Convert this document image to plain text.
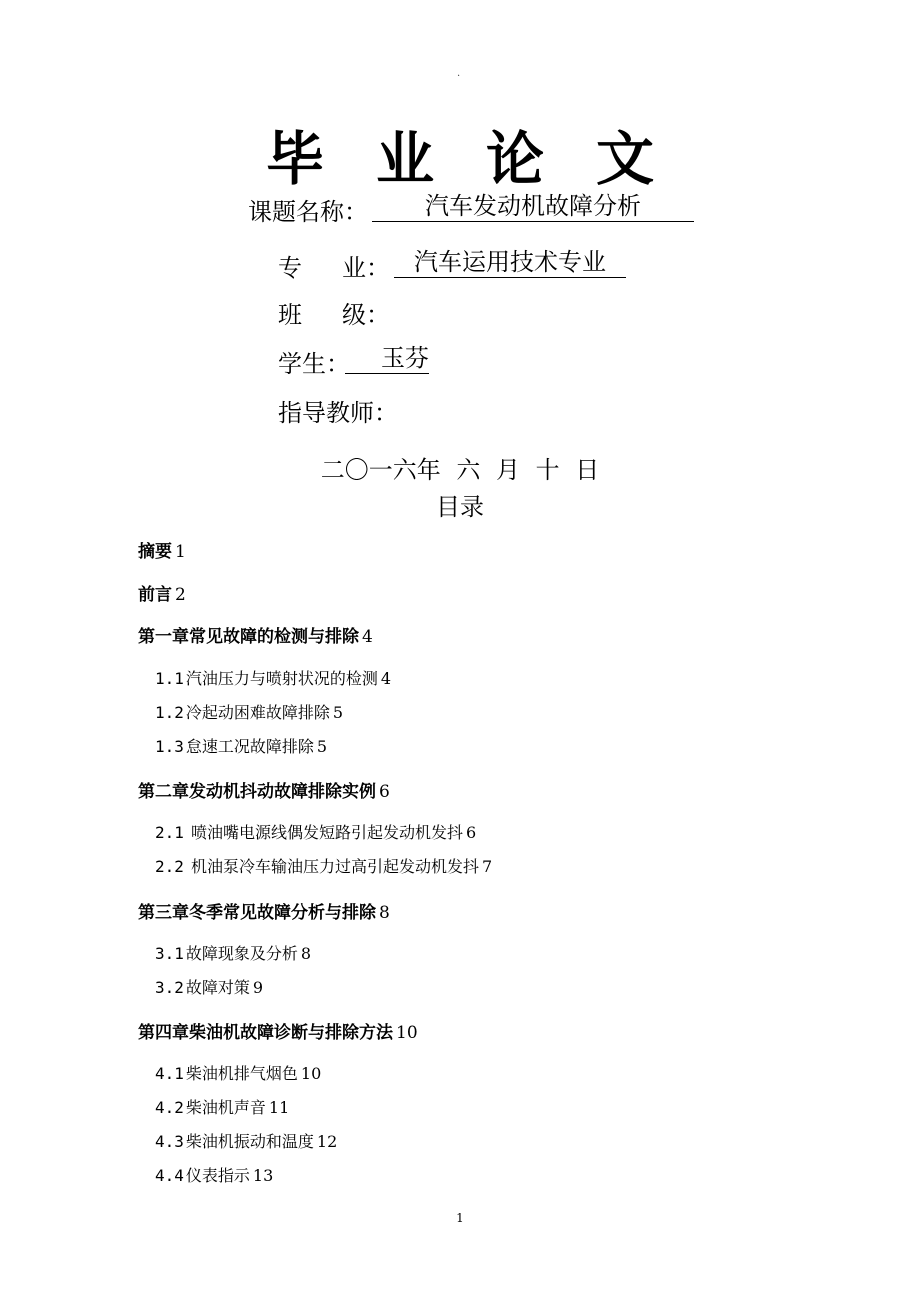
.
毕 业 论 文
课题名称：	汽车发动机故障分析
专 业：	汽车运用技术专业
班 级：
学生：	玉芬
指导教师：
二〇一六年 六 月 十 日
目录
摘要 1
前言 2
第一章常见故障的检测与排除 4
1.1 汽油压力与喷射状况的检测 4
1.2 冷起动困难故障排除 5
1.3 怠速工况故障排除 5
第二章发动机抖动故障排除实例 6
2.1 喷油嘴电源线偶发短路引起发动机发抖 6
2.2 机油泵冷车输油压力过高引起发动机发抖 7
第三章冬季常见故障分析与排除 8
3.1 故障现象及分析 8
3.2 故障对策 9
第四章柴油机故障诊断与排除方法 10
4.1 柴油机排气烟色 10
4.2 柴油机声音 11
4.3 柴油机振动和温度 12
4.4 仪表指示 13
1
